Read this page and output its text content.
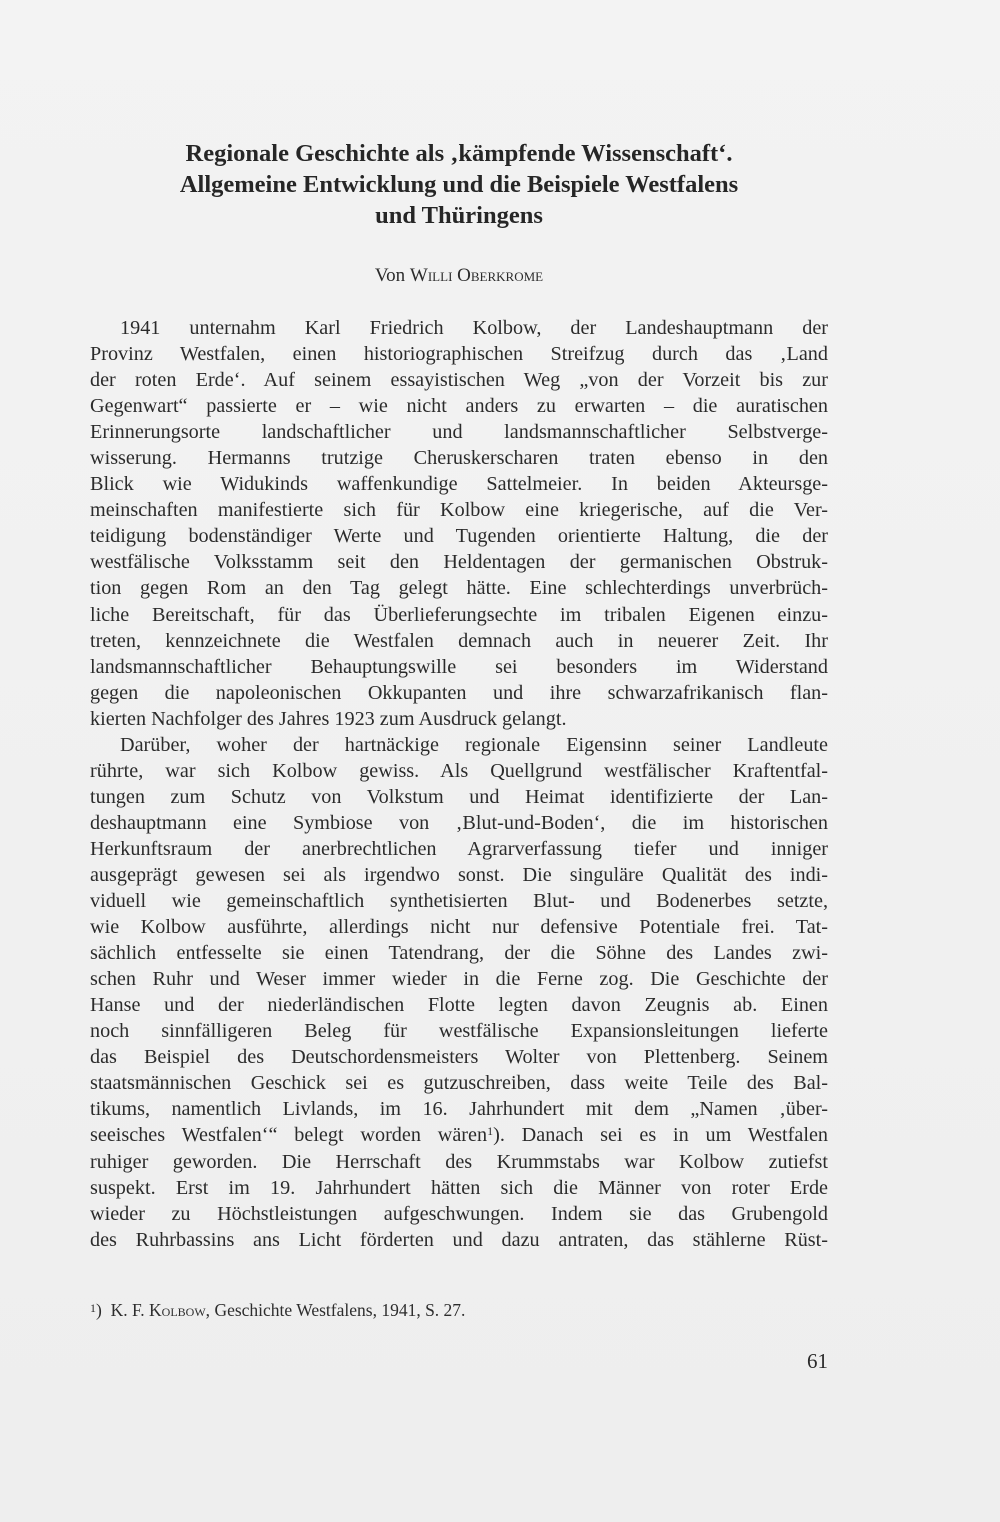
Regionale Geschichte als ‚kämpfende Wissenschaft‘.
Allgemeine Entwicklung und die Beispiele Westfalens
und Thüringens
Von Willi Oberkrome
1941 unternahm Karl Friedrich Kolbow, der Landeshauptmann der
Provinz Westfalen, einen historiographischen Streifzug durch das ‚Land
der roten Erde‘. Auf seinem essayistischen Weg „von der Vorzeit bis zur
Gegenwart“ passierte er – wie nicht anders zu erwarten – die auratischen
Erinnerungsorte landschaftlicher und landsmannschaftlicher Selbstverge-
wisserung. Hermanns trutzige Cheruskerscharen traten ebenso in den
Blick wie Widukinds waffenkundige Sattelmeier. In beiden Akteursge-
meinschaften manifestierte sich für Kolbow eine kriegerische, auf die Ver-
teidigung bodenständiger Werte und Tugenden orientierte Haltung, die der
westfälische Volksstamm seit den Heldentagen der germanischen Obstruk-
tion gegen Rom an den Tag gelegt hätte. Eine schlechterdings unverbrüch-
liche Bereitschaft, für das Überlieferungsechte im tribalen Eigenen einzu-
treten, kennzeichnete die Westfalen demnach auch in neuerer Zeit. Ihr
landsmannschaftlicher Behauptungswille sei besonders im Widerstand
gegen die napoleonischen Okkupanten und ihre schwarzafrikanisch flan-
kierten Nachfolger des Jahres 1923 zum Ausdruck gelangt.
Darüber, woher der hartnäckige regionale Eigensinn seiner Landleute
rührte, war sich Kolbow gewiss. Als Quellgrund westfälischer Kraftentfal-
tungen zum Schutz von Volkstum und Heimat identifizierte der Lan-
deshauptmann eine Symbiose von ‚Blut-und-Boden‘, die im historischen
Herkunftsraum der anerbrechtlichen Agrarverfassung tiefer und inniger
ausgeprägt gewesen sei als irgendwo sonst. Die singuläre Qualität des indi-
viduell wie gemeinschaftlich synthetisierten Blut- und Bodenerbes setzte,
wie Kolbow ausführte, allerdings nicht nur defensive Potentiale frei. Tat-
sächlich entfesselte sie einen Tatendrang, der die Söhne des Landes zwi-
schen Ruhr und Weser immer wieder in die Ferne zog. Die Geschichte der
Hanse und der niederländischen Flotte legten davon Zeugnis ab. Einen
noch sinnfälligeren Beleg für westfälische Expansionsleitungen lieferte
das Beispiel des Deutschordensmeisters Wolter von Plettenberg. Seinem
staatsmännischen Geschick sei es gutzuschreiben, dass weite Teile des Bal-
tikums, namentlich Livlands, im 16. Jahrhundert mit dem „Namen ‚über-
seeisches Westfalen‘“ belegt worden wären$^1$). Danach sei es in um Westfalen
ruhiger geworden. Die Herrschaft des Krummstabs war Kolbow zutiefst
suspekt. Erst im 19. Jahrhundert hätten sich die Männer von roter Erde
wieder zu Höchstleistungen aufgeschwungen. Indem sie das Grubengold
des Ruhrbassins ans Licht förderten und dazu antraten, das stählerne Rüst-
$^1$) K. F. Kolbow, Geschichte Westfalens, 1941, S. 27.
61
